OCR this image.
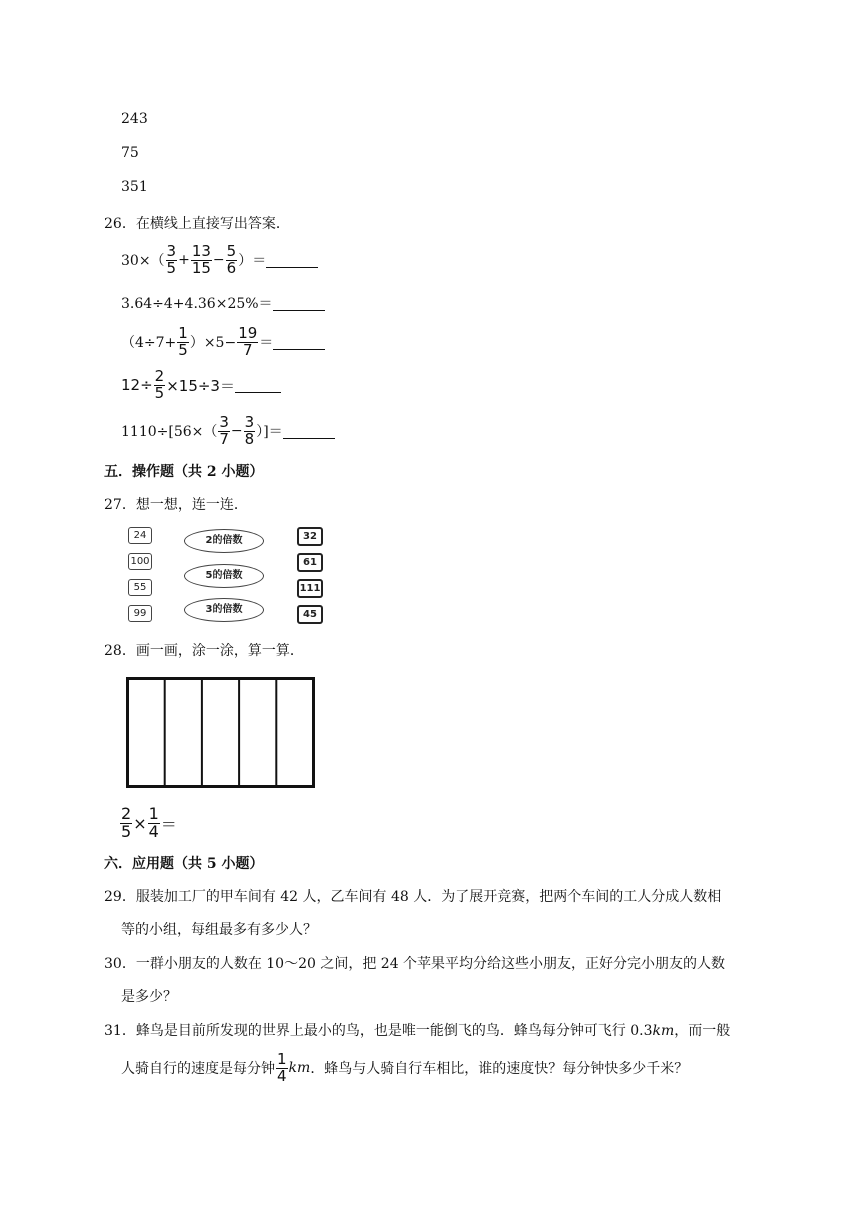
243
75
351
26．在横线上直接写出答案．
30×（
3
$5 + \frac{13}{15} - \frac{5}{6}$ ）＝
3.64÷4+4.36×25%＝
$(4\div 7+ \frac{1}{5} )\times 5- \frac{19}{7}$ ＝
$12\div \frac{2}{5} \times 15\div 3=$
1110÷[56×（
3
$7 - \frac{3}{8}$ ）]＝
五．操作题（共 2 小题）
27．想一想，连一连．
24
100
55
99
2的倍数
5的倍数
3的倍数
32
61
111
45
28．画一画，涂一涂，算一算．
$\frac{2}{5} \times \frac{1}{4}$ ＝
六．应用题（共 5 小题）
29．服装加工厂的甲车间有 42 人，乙车间有 48 人．为了展开竞赛，把两个车间的工人分成人数相
等的小组，每组最多有多少人？
30．一群小朋友的人数在 10～20 之间，把 24 个苹果平均分给这些小朋友，正好分完小朋友的人数
是多少？
31．蜂鸟是目前所发现的世界上最小的鸟，也是唯一能倒飞的鸟．蜂鸟每分钟可飞行 0.3km，而一般
人骑自行的速度是每分钟
1
4 km ．蜂鸟与人骑自行车相比，谁的速度快？每分钟快多少千米？
